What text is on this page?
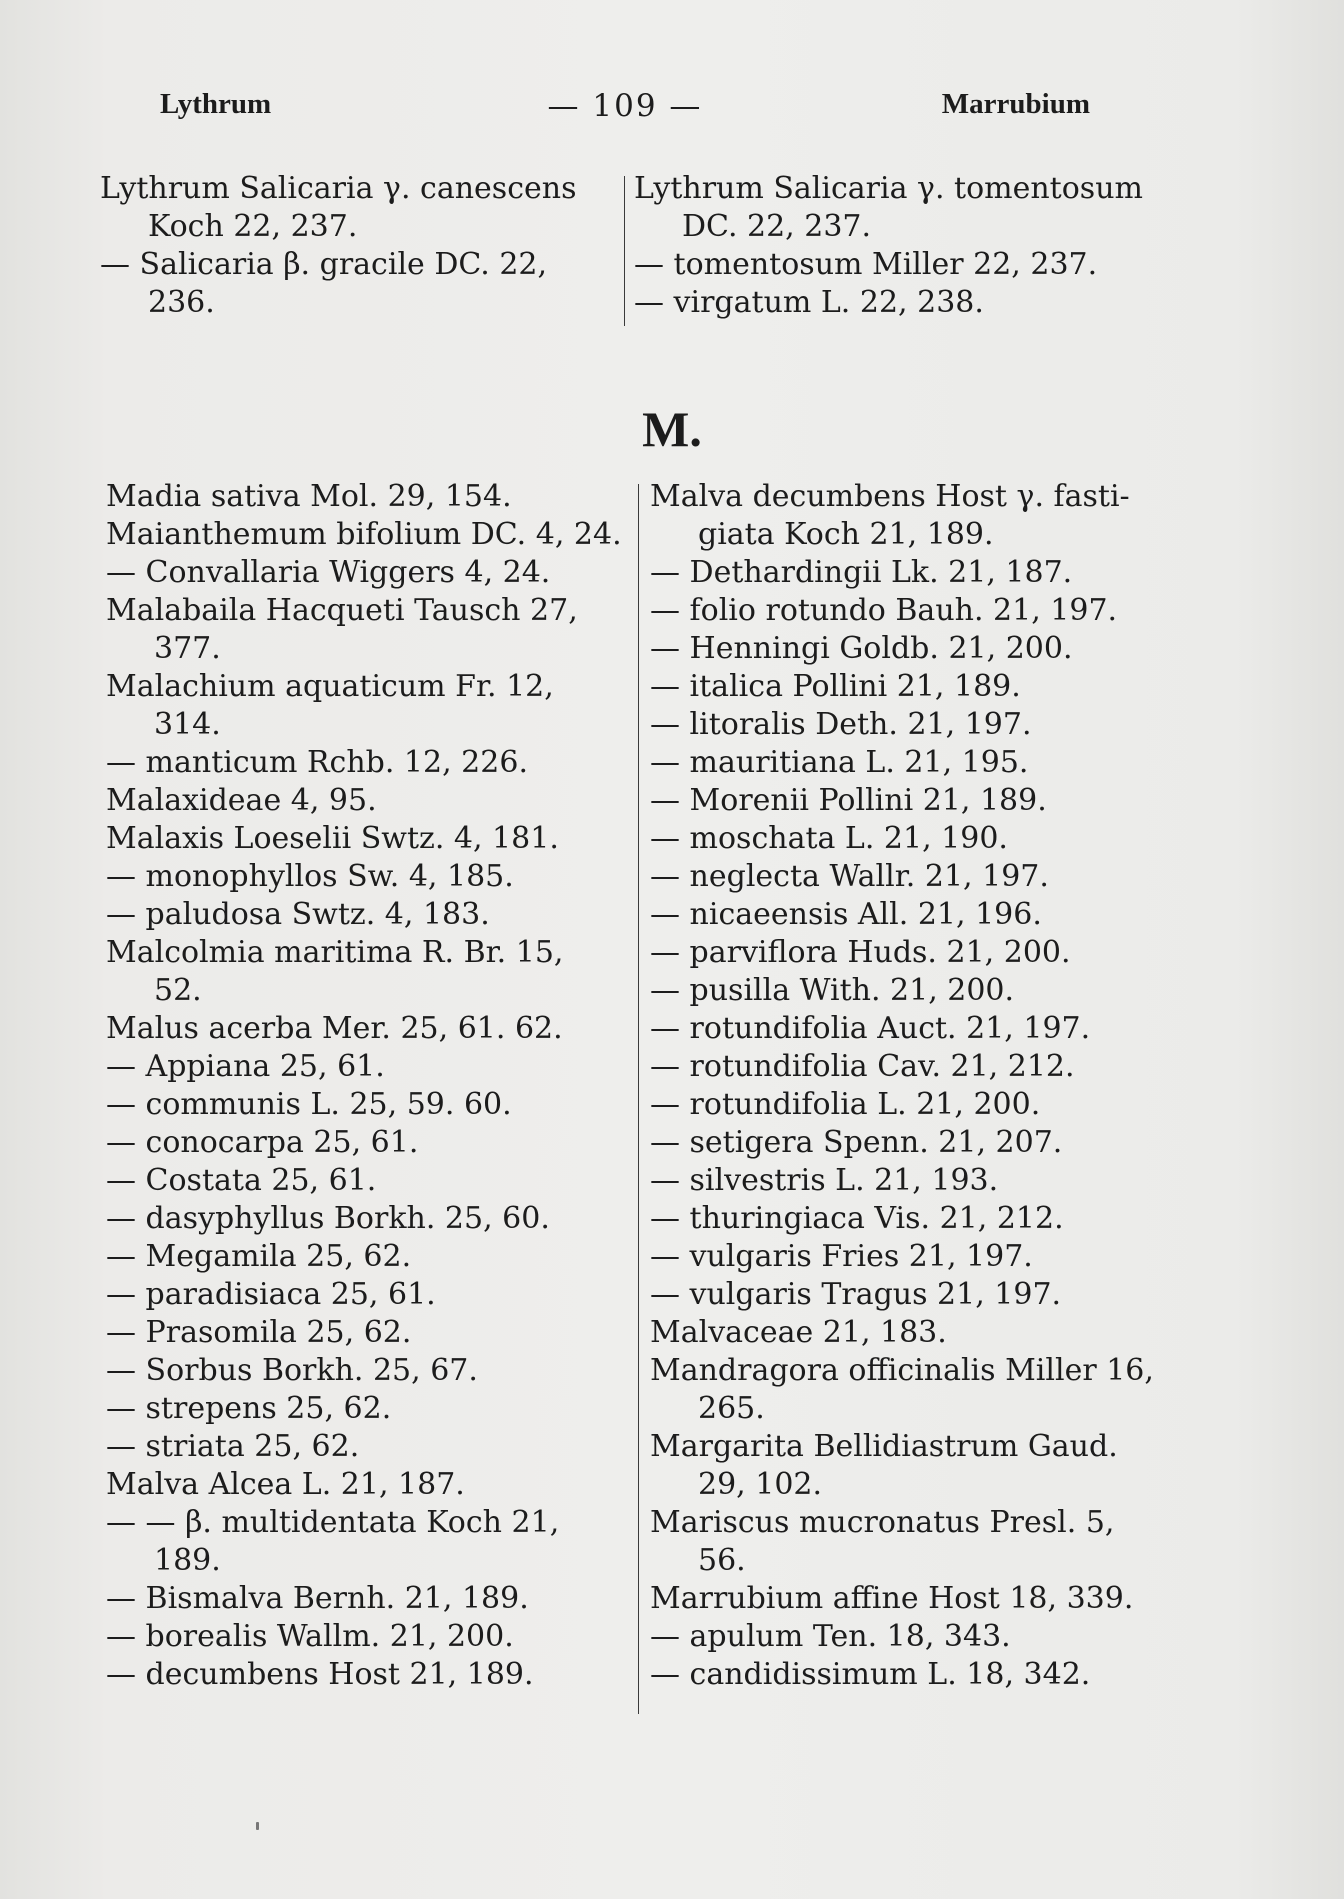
Lythrum	— 109 —	Marrubium
Lythrum Salicaria γ. canescens
Koch 22, 237.
— Salicaria β. gracile DC. 22,
236.
Lythrum Salicaria γ. tomentosum
DC. 22, 237.
— tomentosum Miller 22, 237.
— virgatum L. 22, 238.
M.
Madia sativa Mol. 29, 154.
Maianthemum bifolium DC. 4, 24.
— Convallaria Wiggers 4, 24.
Malabaila Hacqueti Tausch 27,
377.
Malachium aquaticum Fr. 12,
314.
— manticum Rchb. 12, 226.
Malaxideae 4, 95.
Malaxis Loeselii Swtz. 4, 181.
— monophyllos Sw. 4, 185.
— paludosa Swtz. 4, 183.
Malcolmia maritima R. Br. 15,
52.
Malus acerba Mer. 25, 61. 62.
— Appiana 25, 61.
— communis L. 25, 59. 60.
— conocarpa 25, 61.
— Costata 25, 61.
— dasyphyllus Borkh. 25, 60.
— Megamila 25, 62.
— paradisiaca 25, 61.
— Prasomila 25, 62.
— Sorbus Borkh. 25, 67.
— strepens 25, 62.
— striata 25, 62.
Malva Alcea L. 21, 187.
— — β. multidentata Koch 21,
189.
— Bismalva Bernh. 21, 189.
— borealis Wallm. 21, 200.
— decumbens Host 21, 189.
Malva decumbens Host γ. fasti-
giata Koch 21, 189.
— Dethardingii Lk. 21, 187.
— folio rotundo Bauh. 21, 197.
— Henningi Goldb. 21, 200.
— italica Pollini 21, 189.
— litoralis Deth. 21, 197.
— mauritiana L. 21, 195.
— Morenii Pollini 21, 189.
— moschata L. 21, 190.
— neglecta Wallr. 21, 197.
— nicaeensis All. 21, 196.
— parviflora Huds. 21, 200.
— pusilla With. 21, 200.
— rotundifolia Auct. 21, 197.
— rotundifolia Cav. 21, 212.
— rotundifolia L. 21, 200.
— setigera Spenn. 21, 207.
— silvestris L. 21, 193.
— thuringiaca Vis. 21, 212.
— vulgaris Fries 21, 197.
— vulgaris Tragus 21, 197.
Malvaceae 21, 183.
Mandragora officinalis Miller 16,
265.
Margarita Bellidiastrum Gaud.
29, 102.
Mariscus mucronatus Presl. 5,
56.
Marrubium affine Host 18, 339.
— apulum Ten. 18, 343.
— candidissimum L. 18, 342.
